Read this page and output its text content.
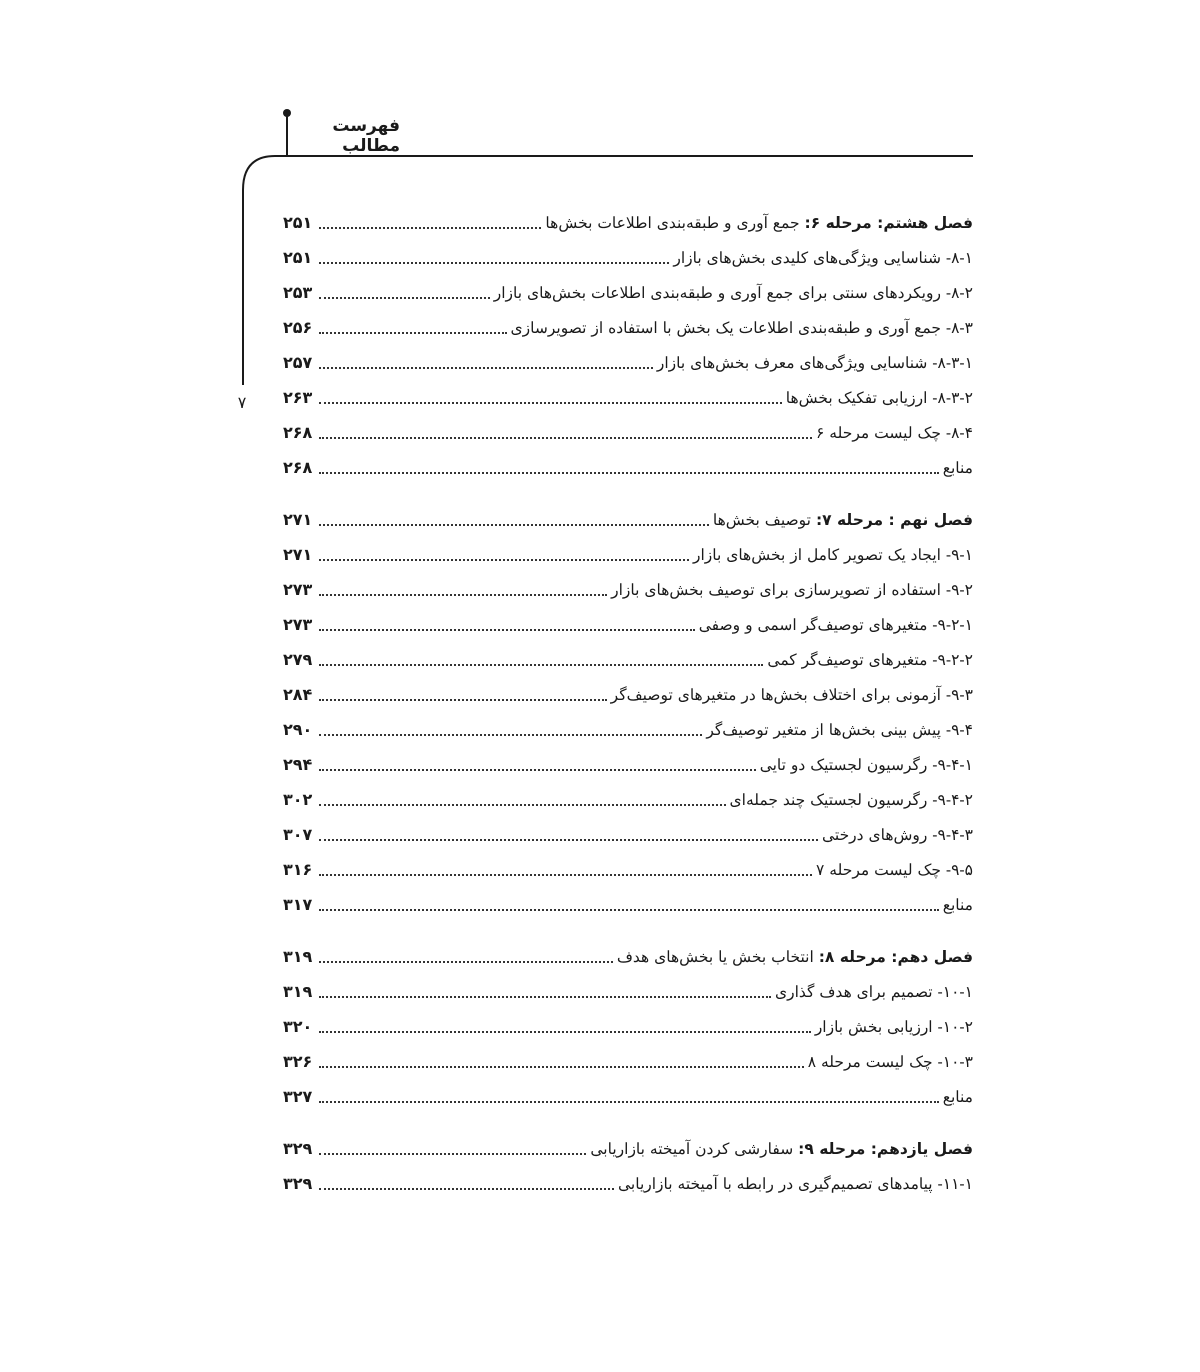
فهرست مطالب
۷
فصل هشتم: مرحله ۶: جمع آوری و طبقه‌بندی اطلاعات بخش‌ها
۲۵۱
۸-۱- شناسایی ویژگی‌های کلیدی بخش‌های بازار
۲۵۱
۸-۲- رویکردهای سنتی برای جمع آوری و طبقه‌بندی اطلاعات بخش‌های بازار
۲۵۳
۸-۳- جمع آوری و طبقه‌بندی اطلاعات یک بخش با استفاده از تصویرسازی
۲۵۶
۸-۳-۱- شناسایی ویژگی‌های معرف بخش‌های بازار
۲۵۷
۸-۳-۲- ارزیابی تفکیک بخش‌ها
۲۶۳
۸-۴- چک لیست مرحله ۶
۲۶۸
منابع
۲۶۸
فصل نهم : مرحله ۷: توصیف بخش‌ها
۲۷۱
۹-۱- ایجاد یک تصویر کامل از بخش‌های بازار
۲۷۱
۹-۲- استفاده از تصویرسازی برای توصیف بخش‌های بازار
۲۷۳
۹-۲-۱- متغیرهای توصیف‌گر اسمی و وصفی
۲۷۳
۹-۲-۲- متغیرهای توصیف‌گر کمی
۲۷۹
۹-۳- آزمونی برای اختلاف بخش‌ها در متغیرهای توصیف‌گر
۲۸۴
۹-۴- پیش بینی بخش‌ها از متغیر توصیف‌گر
۲۹۰
۹-۴-۱- رگرسیون لجستیک دو تایی
۲۹۴
۹-۴-۲- رگرسیون لجستیک چند جمله‌ای
۳۰۲
۹-۴-۳- روش‌های درختی
۳۰۷
۹-۵- چک لیست مرحله ۷
۳۱۶
منابع
۳۱۷
فصل دهم: مرحله ۸: انتخاب بخش یا بخش‌های هدف
۳۱۹
۱۰-۱- تصمیم برای هدف گذاری
۳۱۹
۱۰-۲- ارزیابی بخش بازار
۳۲۰
۱۰-۳- چک لیست مرحله ۸
۳۲۶
منابع
۳۲۷
فصل یازدهم: مرحله ۹: سفارشی کردن آمیخته بازاریابی
۳۲۹
۱۱-۱- پیامدهای تصمیم‌گیری در رابطه با آمیخته بازاریابی
۳۲۹
